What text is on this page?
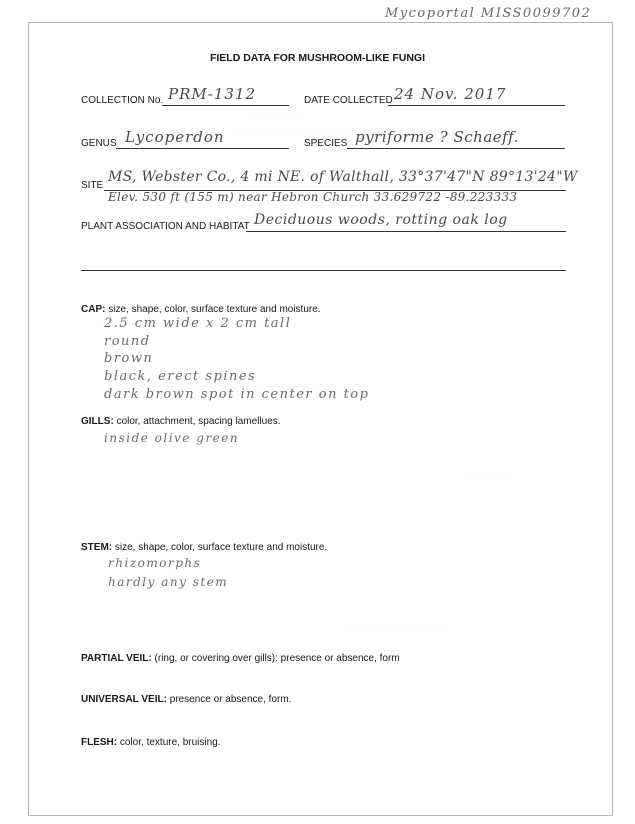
· · · · · · · · · · ·
· · · · · · · · · · · · · · · · · · · · · · · · · · ·
· · · · · · · · ·
· · · · · · · · · · · · · · · · · · · · ·
Mycoportal MISS0099702
FIELD DATA FOR MUSHROOM-LIKE FUNGI
COLLECTION No. PRM-1312	DATE COLLECTED 24 Nov. 2017
GENUS Lycoperdon	SPECIES pyriforme ? Schaeff.
SITE
MS, Webster Co., 4 mi NE. of Walthall, 33°37'47"N 89°13'24"W
Elev. 530 ft (155 m) near Hebron Church 33.629722 -89.223333
PLANT ASSOCIATION AND HABITAT Deciduous woods, rotting oak log
CAP: size, shape, color, surface texture and moisture.
2.5 cm wide x 2 cm tall
round
brown
black, erect spines
dark brown spot in center on top
GILLS: color, attachment, spacing lamellues.
inside olive green
STEM: size, shape, color, surface texture and moisture.
rhizomorphs
hardly any stem
PARTIAL VEIL: (ring, or covering over gills): presence or absence, form
UNIVERSAL VEIL: presence or absence, form.
FLESH: color, texture, bruising.
